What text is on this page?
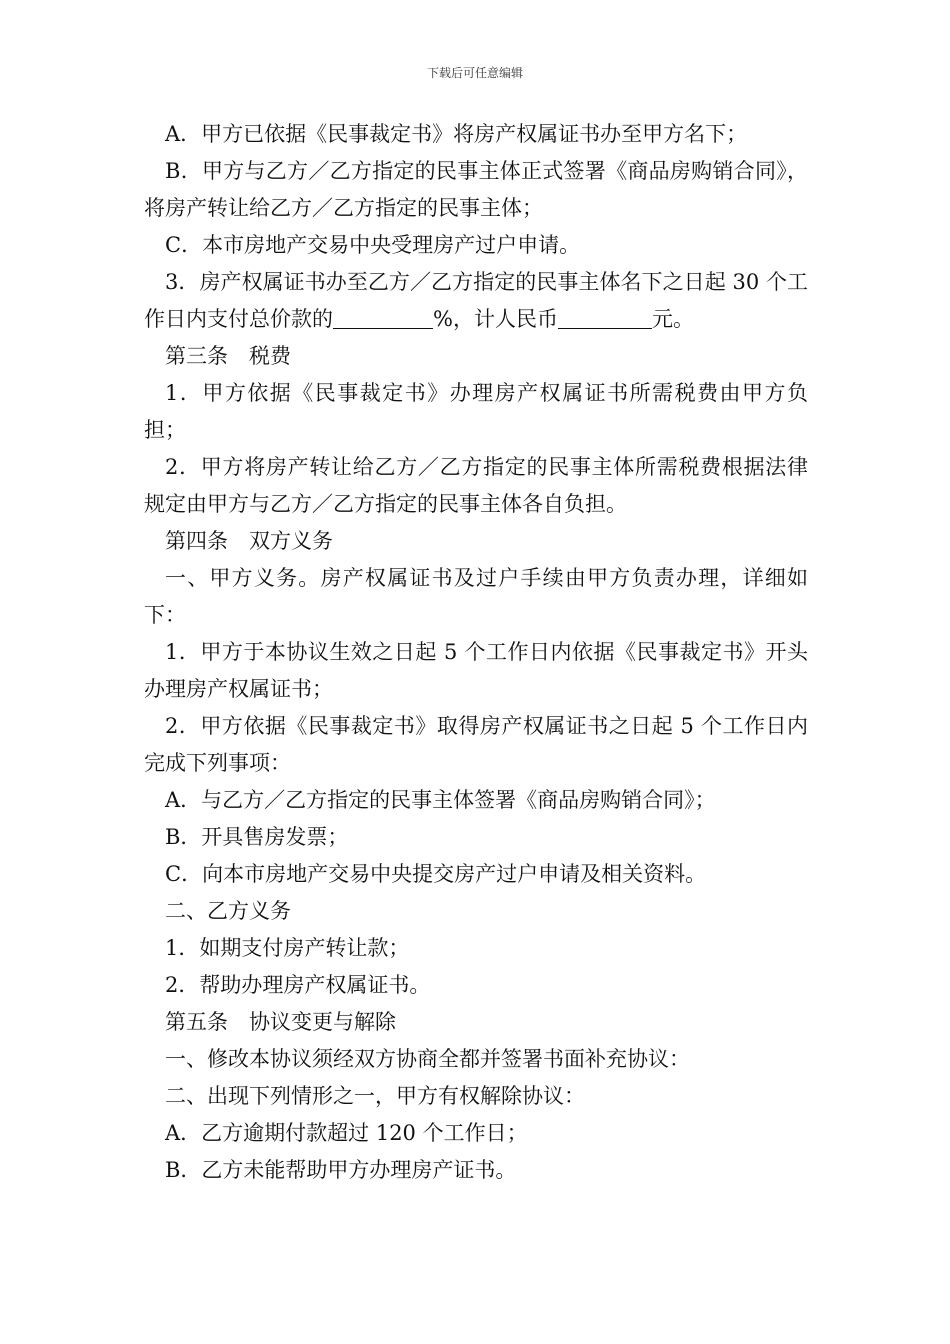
下载后可任意编辑

A．甲方已依据《民事裁定书》将房产权属证书办至甲方名下；

B．甲方与乙方／乙方指定的民事主体正式签署《商品房购销合同》，将房产转让给乙方／乙方指定的民事主体；

C．本市房地产交易中央受理房产过户申请。

3．房产权属证书办至乙方／乙方指定的民事主体名下之日起 30 个工作日内支付总价款的	%，计人民币	元。

第三条　税费

1．甲方依据《民事裁定书》办理房产权属证书所需税费由甲方负担；

2．甲方将房产转让给乙方／乙方指定的民事主体所需税费根据法律规定由甲方与乙方／乙方指定的民事主体各自负担。

第四条　双方义务

一、甲方义务。房产权属证书及过户手续由甲方负责办理，详细如下：

1．甲方于本协议生效之日起 5 个工作日内依据《民事裁定书》开头办理房产权属证书；

2．甲方依据《民事裁定书》取得房产权属证书之日起 5 个工作日内完成下列事项：

A．与乙方／乙方指定的民事主体签署《商品房购销合同》；

B．开具售房发票；

C．向本市房地产交易中央提交房产过户申请及相关资料。

二、乙方义务

1．如期支付房产转让款；

2．帮助办理房产权属证书。

第五条　协议变更与解除

一、修改本协议须经双方协商全都并签署书面补充协议：

二、出现下列情形之一，甲方有权解除协议：

A．乙方逾期付款超过 120 个工作日；

B．乙方未能帮助甲方办理房产证书。
